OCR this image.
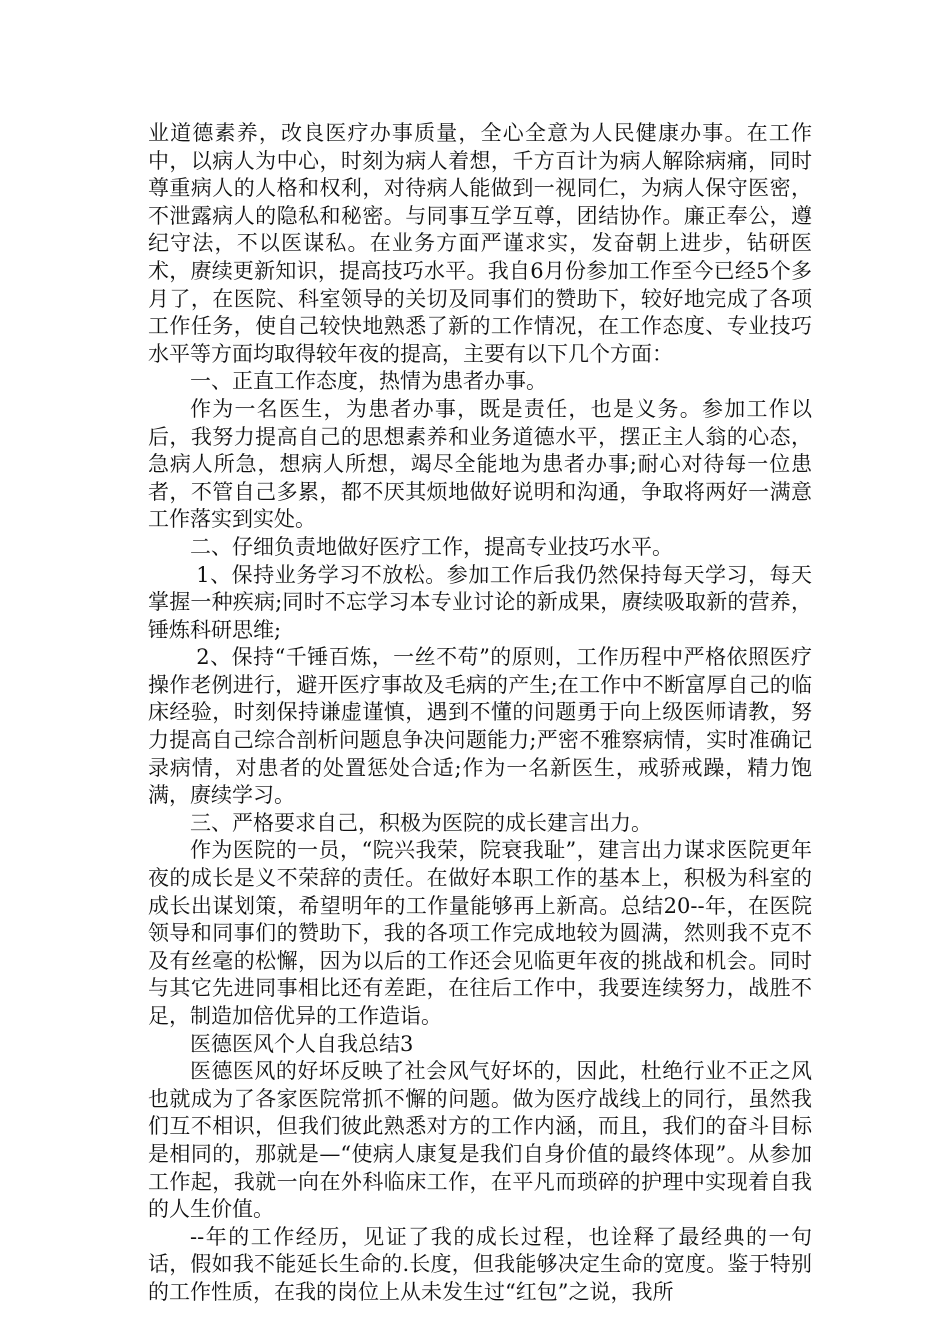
业道德素养，改良医疗办事质量，全心全意为人民健康办事。在工作中，以病人为中心，时刻为病人着想，千方百计为病人解除病痛，同时尊重病人的人格和权利，对待病人能做到一视同仁，为病人保守医密，不泄露病人的隐私和秘密。与同事互学互尊，团结协作。廉正奉公，遵纪守法，不以医谋私。在业务方面严谨求实，发奋朝上进步，钻研医术，赓续更新知识，提高技巧水平。我自6月份参加工作至今已经5个多月了，在医院、科室领导的关切及同事们的赞助下，较好地完成了各项工作任务，使自己较快地熟悉了新的工作情况，在工作态度、专业技巧水平等方面均取得较年夜的提高，主要有以下几个方面：

一、正直工作态度，热情为患者办事。

作为一名医生，为患者办事，既是责任，也是义务。参加工作以后，我努力提高自己的思想素养和业务道德水平，摆正主人翁的心态，急病人所急，想病人所想，竭尽全能地为患者办事;耐心对待每一位患者，不管自己多累，都不厌其烦地做好说明和沟通，争取将两好一满意工作落实到实处。

二、仔细负责地做好医疗工作，提高专业技巧水平。

1、保持业务学习不放松。参加工作后我仍然保持每天学习，每天掌握一种疾病;同时不忘学习本专业讨论的新成果，赓续吸取新的营养，锤炼科研思维;

2、保持“千锤百炼，一丝不苟”的原则，工作历程中严格依照医疗操作老例进行，避开医疗事故及毛病的产生;在工作中不断富厚自己的临床经验，时刻保持谦虚谨慎，遇到不懂的问题勇于向上级医师请教，努力提高自己综合剖析问题息争决问题能力;严密不雅察病情，实时准确记录病情，对患者的处置惩处合适;作为一名新医生，戒骄戒躁，精力饱满，赓续学习。

三、严格要求自己，积极为医院的成长建言出力。

作为医院的一员，“院兴我荣，院衰我耻”，建言出力谋求医院更年夜的成长是义不荣辞的责任。在做好本职工作的基本上，积极为科室的成长出谋划策，希望明年的工作量能够再上新高。总结20--年，在医院领导和同事们的赞助下，我的各项工作完成地较为圆满，然则我不克不及有丝毫的松懈，因为以后的工作还会见临更年夜的挑战和机会。同时与其它先进同事相比还有差距，在往后工作中，我要连续努力，战胜不足，制造加倍优异的工作造诣。

医德医风个人自我总结3

医德医风的好坏反映了社会风气好坏的，因此，杜绝行业不正之风也就成为了各家医院常抓不懈的问题。做为医疗战线上的同行，虽然我们互不相识，但我们彼此熟悉对方的工作内涵，而且，我们的奋斗目标是相同的，那就是—“使病人康复是我们自身价值的最终体现”。从参加工作起，我就一向在外科临床工作，在平凡而琐碎的护理中实现着自我的人生价值。

--年的工作经历，见证了我的成长过程，也诠释了最经典的一句话，假如我不能延长生命的.长度，但我能够决定生命的宽度。鉴于特别的工作性质，在我的岗位上从未发生过“红包”之说，我所
